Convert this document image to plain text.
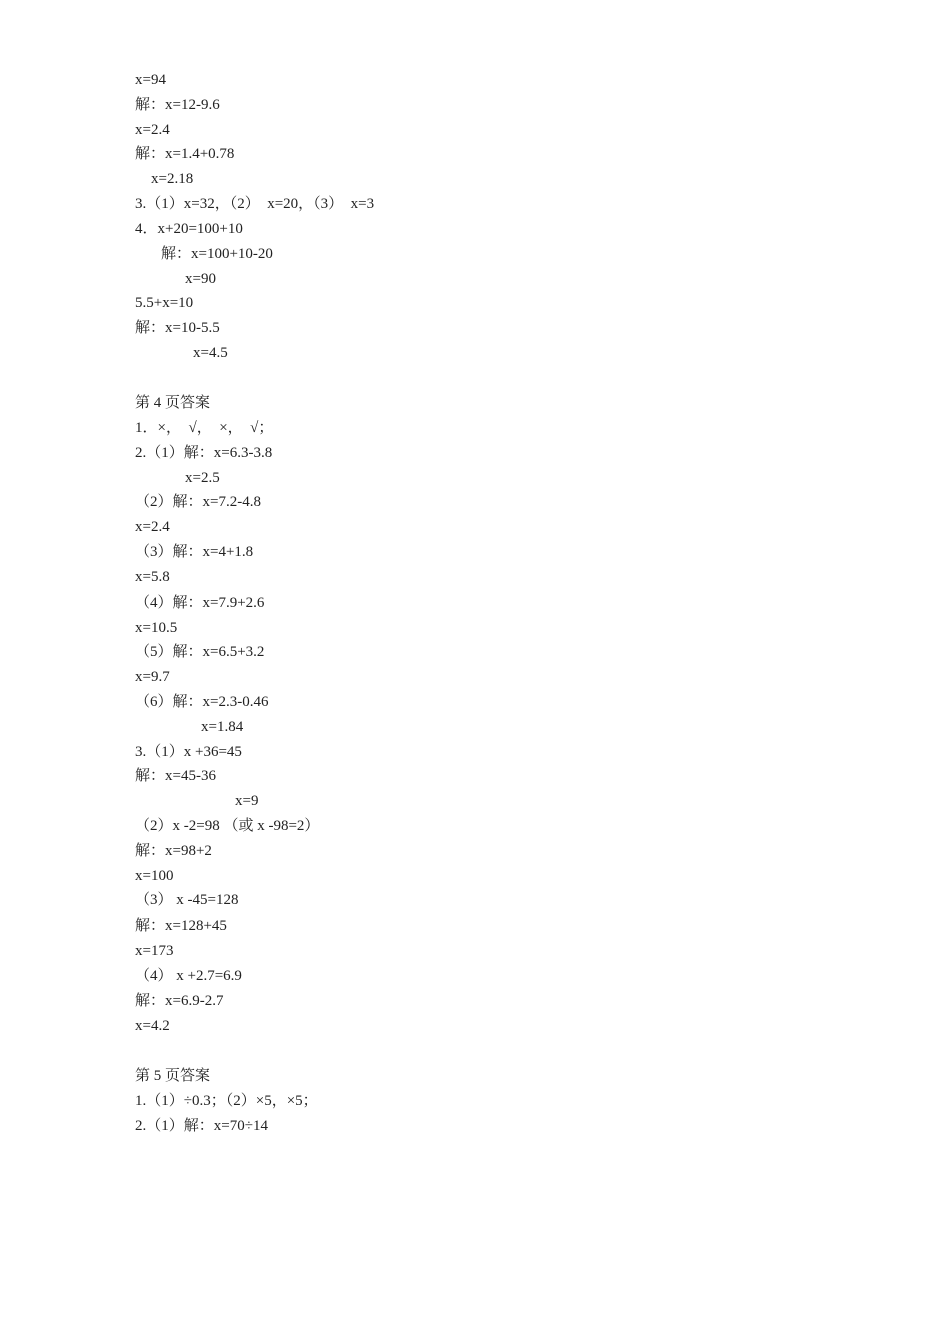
x=94
解：x=12-9.6
x=2.4
解：x=1.4+0.78
x=2.18
3.（1）x=32，（2）　x=20，（3）　x=3
4．x+20=100+10
解：x=100+10-20
x=90
5.5+x=10
解：x=10-5.5
x=4.5
第 4 页答案
1．×，　√，　×，　√；
2.（1）解：x=6.3-3.8
x=2.5
（2）解：x=7.2-4.8
x=2.4
（3）解：x=4+1.8
x=5.8
（4）解：x=7.9+2.6
x=10.5
（5）解：x=6.5+3.2
x=9.7
（6）解：x=2.3-0.46
x=1.84
3.（1）x +36=45
解：x=45-36
x=9
（2）x -2=98 （或 x -98=2）
解：x=98+2
x=100
（3） x -45=128
解：x=128+45
x=173
（4） x +2.7=6.9
解：x=6.9-2.7
x=4.2
第 5 页答案
1.（1）÷0.3；（2）×5，×5；
2.（1）解：x=70÷14
